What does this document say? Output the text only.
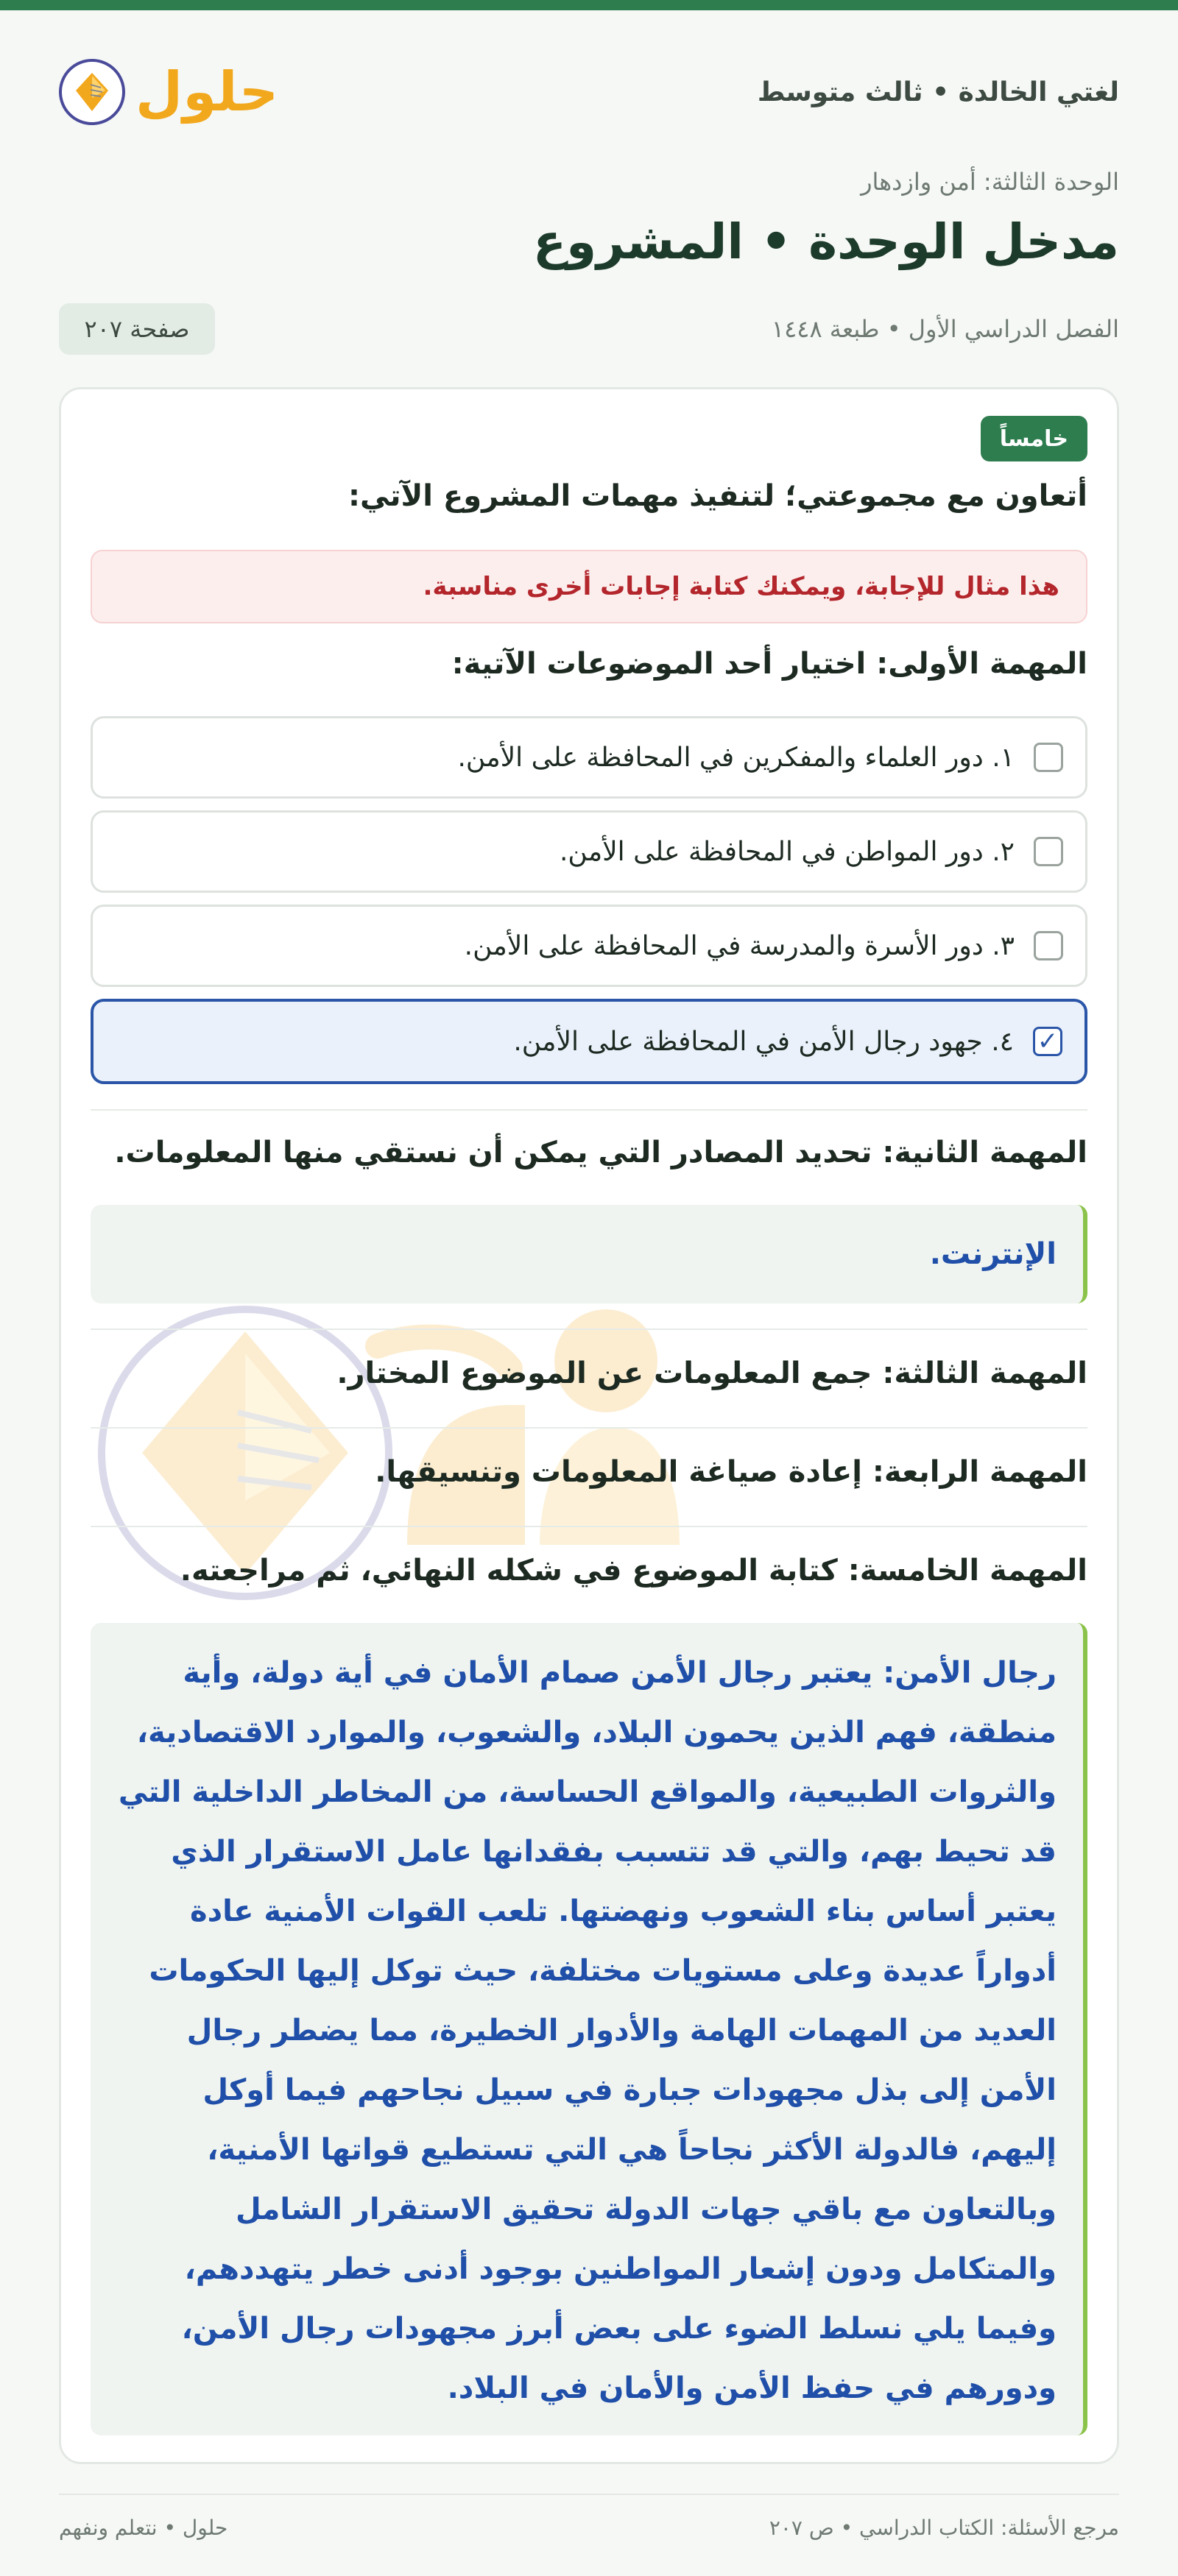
لغتي الخالدة • ثالث متوسط
حلول
الوحدة الثالثة: أمن وازدهار
مدخل الوحدة • المشروع
الفصل الدراسي الأول • طبعة ١٤٤٨
صفحة ٢٠٧
خامساً
أتعاون مع مجموعتي؛ لتنفيذ مهمات المشروع الآتي:
هذا مثال للإجابة، ويمكنك كتابة إجابات أخرى مناسبة.
المهمة الأولى: اختيار أحد الموضوعات الآتية:
١. دور العلماء والمفكرين في المحافظة على الأمن.
٢. دور المواطن في المحافظة على الأمن.
٣. دور الأسرة والمدرسة في المحافظة على الأمن.
✓
٤. جهود رجال الأمن في المحافظة على الأمن.
المهمة الثانية: تحديد المصادر التي يمكن أن نستقي منها المعلومات.
الإنترنت.
المهمة الثالثة: جمع المعلومات عن الموضوع المختار.
المهمة الرابعة: إعادة صياغة المعلومات وتنسيقها.
المهمة الخامسة: كتابة الموضوع في شكله النهائي، ثم مراجعته.
رجال الأمن: يعتبر رجال الأمن صمام الأمان في أية دولة، وأية منطقة، فهم الذين يحمون البلاد، والشعوب، والموارد الاقتصادية، والثروات الطبيعية، والمواقع الحساسة، من المخاطر الداخلية التي قد تحيط بهم، والتي قد تتسبب بفقدانها عامل الاستقرار الذي يعتبر أساس بناء الشعوب ونهضتها. تلعب القوات الأمنية عادة أدواراً عديدة وعلى مستويات مختلفة، حيث توكل إليها الحكومات العديد من المهمات الهامة والأدوار الخطيرة، مما يضطر رجال الأمن إلى بذل مجهودات جبارة في سبيل نجاحهم فيما أوكل إليهم، فالدولة الأكثر نجاحاً هي التي تستطيع قواتها الأمنية، وبالتعاون مع باقي جهات الدولة تحقيق الاستقرار الشامل والمتكامل ودون إشعار المواطنين بوجود أدنى خطر يتهددهم، وفيما يلي نسلط الضوء على بعض أبرز مجهودات رجال الأمن، ودورهم في حفظ الأمن والأمان في البلاد.
مرجع الأسئلة: الكتاب الدراسي • ص ٢٠٧
حلول • نتعلم ونفهم
